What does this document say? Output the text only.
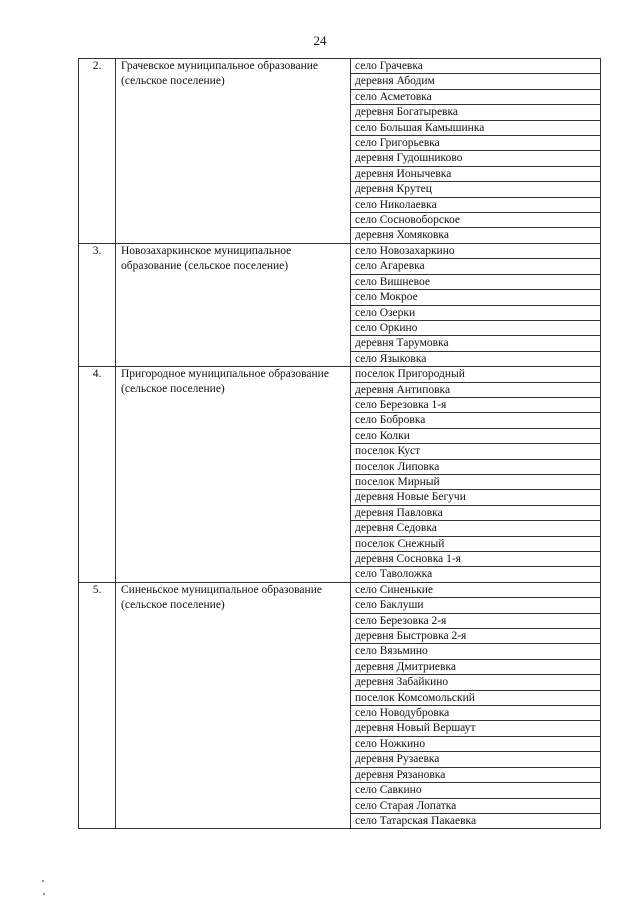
24
2.	Грачевское муниципальное образование (сельское поселение)	село Грачевка
		деревня Абодим
		село Асметовка
		деревня Богатыревка
		село Большая Камышинка
		село Григорьевка
		деревня Гудошниково
		деревня Ионычевка
		деревня Крутец
		село Николаевка
		село Сосновоборское
		деревня Хомяковка
3.	Новозахаркинское муниципальное образование (сельское поселение)	село Новозахаркино
		село Агаревка
		село Вишневое
		село Мокрое
		село Озерки
		село Оркино
		деревня Тарумовка
		село Языковка
4.	Пригородное муниципальное образование (сельское поселение)	поселок Пригородный
		деревня Антиповка
		село Березовка 1-я
		село Бобровка
		село Колки
		поселок Куст
		поселок Липовка
		поселок Мирный
		деревня Новые Бегучи
		деревня Павловка
		деревня Седовка
		поселок Снежный
		деревня Сосновка 1-я
		село Таволожка
5.	Синеньское муниципальное образование (сельское поселение)	село Синенькие
		село Баклуши
		село Березовка 2-я
		деревня Быстровка 2-я
		село Вязьмино
		деревня Дмитриевка
		деревня Забайкино
		поселок Комсомольский
		село Новодубровка
		деревня Новый Вершаут
		село Ножкино
		деревня Рузаевка
		деревня Рязановка
		село Савкино
		село Старая Лопатка
		село Татарская Пакаевка
